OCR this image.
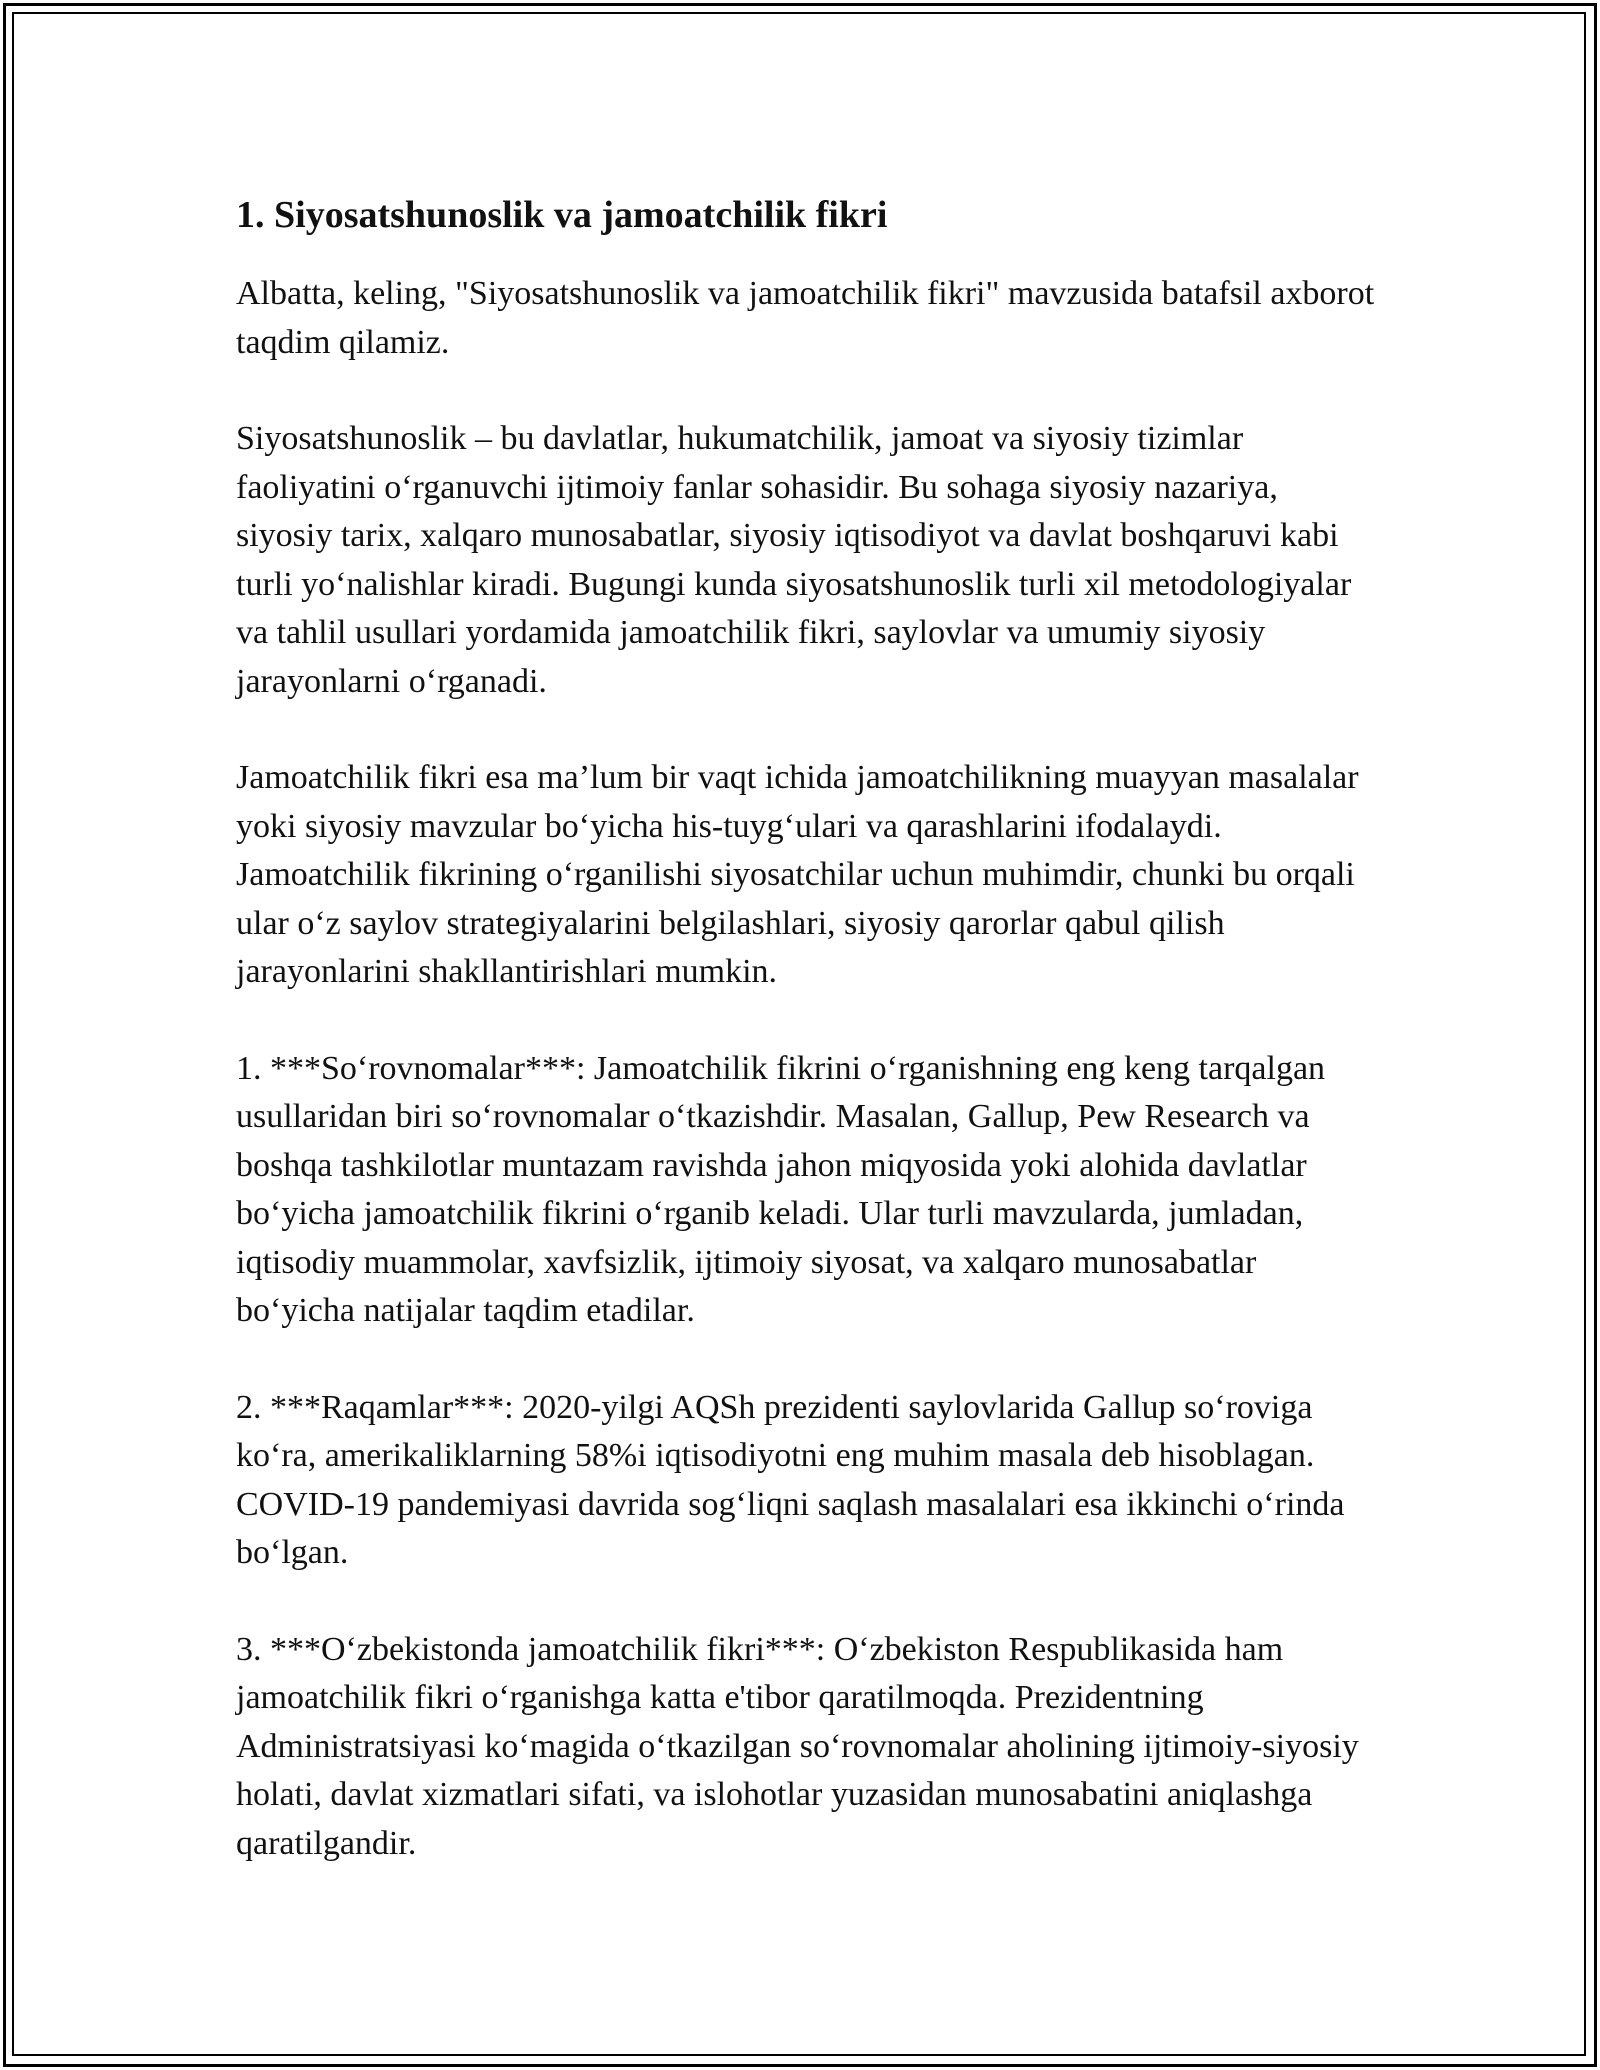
1. Siyosatshunoslik va jamoatchilik fikri

Albatta, keling, "Siyosatshunoslik va jamoatchilik fikri" mavzusida batafsil axborot taqdim qilamiz.

Siyosatshunoslik – bu davlatlar, hukumatchilik, jamoat va siyosiy tizimlar faoliyatini o‘rganuvchi ijtimoiy fanlar sohasidir. Bu sohaga siyosiy nazariya, siyosiy tarix, xalqaro munosabatlar, siyosiy iqtisodiyot va davlat boshqaruvi kabi turli yo‘nalishlar kiradi. Bugungi kunda siyosatshunoslik turli xil metodologiyalar va tahlil usullari yordamida jamoatchilik fikri, saylovlar va umumiy siyosiy jarayonlarni o‘rganadi.

Jamoatchilik fikri esa ma’lum bir vaqt ichida jamoatchilikning muayyan masalalar yoki siyosiy mavzular bo‘yicha his-tuyg‘ulari va qarashlarini ifodalaydi. Jamoatchilik fikrining o‘rganilishi siyosatchilar uchun muhimdir, chunki bu orqali ular o‘z saylov strategiyalarini belgilashlari, siyosiy qarorlar qabul qilish jarayonlarini shakllantirishlari mumkin.

1. ***So‘rovnomalar***: Jamoatchilik fikrini o‘rganishning eng keng tarqalgan usullaridan biri so‘rovnomalar o‘tkazishdir. Masalan, Gallup, Pew Research va boshqa tashkilotlar muntazam ravishda jahon miqyosida yoki alohida davlatlar bo‘yicha jamoatchilik fikrini o‘rganib keladi. Ular turli mavzularda, jumladan, iqtisodiy muammolar, xavfsizlik, ijtimoiy siyosat, va xalqaro munosabatlar bo‘yicha natijalar taqdim etadilar.

2. ***Raqamlar***: 2020-yilgi AQSh prezidenti saylovlarida Gallup so‘roviga ko‘ra, amerikaliklarning 58%i iqtisodiyotni eng muhim masala deb hisoblagan. COVID-19 pandemiyasi davrida sog‘liqni saqlash masalalari esa ikkinchi o‘rinda bo‘lgan.

3. ***O‘zbekistonda jamoatchilik fikri***: O‘zbekiston Respublikasida ham jamoatchilik fikri o‘rganishga katta e'tibor qaratilmoqda. Prezidentning Administratsiyasi ko‘magida o‘tkazilgan so‘rovnomalar aholining ijtimoiy-siyosiy holati, davlat xizmatlari sifati, va islohotlar yuzasidan munosabatini aniqlashga qaratilgandir.
